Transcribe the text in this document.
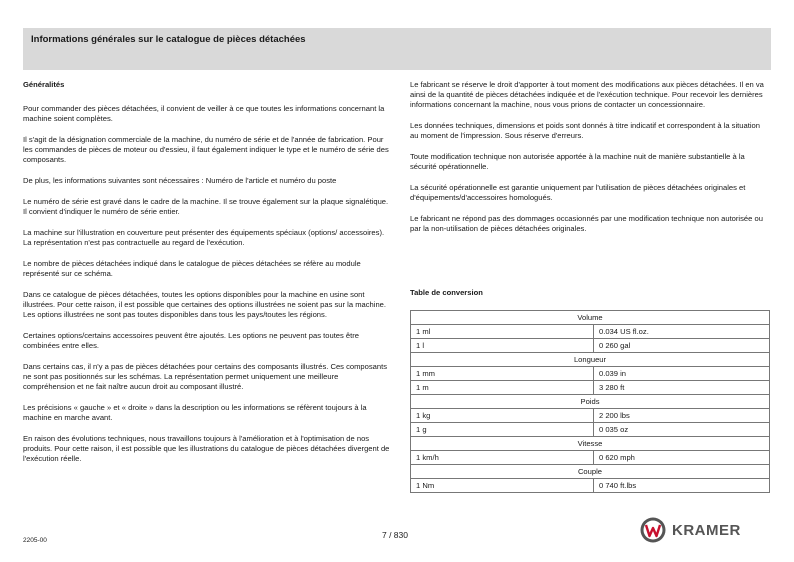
Informations générales sur le catalogue de pièces détachées
Généralités
Pour commander des pièces détachées, il convient de veiller à ce que toutes les informations concernant la machine soient complètes.
Il s'agit de la désignation commerciale de la machine, du numéro de série et de l'année de fabrication. Pour les commandes de pièces de moteur ou d'essieu, il faut également indiquer le type et le numéro de série des composants.
De plus, les informations suivantes sont nécessaires : Numéro de l'article et numéro du poste
Le numéro de série est gravé dans le cadre de la machine. Il se trouve également sur la plaque signalétique. Il convient d'indiquer le numéro de série entier.
La machine sur l'illustration en couverture peut présenter des équipements spéciaux (options/ accessoires). La représentation n'est pas contractuelle au regard de l'exécution.
Le nombre de pièces détachées indiqué dans le catalogue de pièces détachées se réfère au module représenté sur ce schéma.
Dans ce catalogue de pièces détachées, toutes les options disponibles pour la machine en usine sont illustrées. Pour cette raison, il est possible que certaines des options illustrées ne soient pas sur la machine. Les options illustrées ne sont pas toutes disponibles dans tous les pays/toutes les régions.
Certaines options/certains accessoires peuvent être ajoutés. Les options ne peuvent pas toutes être combinées entre elles.
Dans certains cas, il n'y a pas de pièces détachées pour certains des composants illustrés. Ces composants ne sont pas positionnés sur les schémas. La représentation permet uniquement une meilleure compréhension et ne fait naître aucun droit au composant illustré.
Les précisions « gauche » et « droite » dans la description ou les informations se réfèrent toujours à la machine en marche avant.
En raison des évolutions techniques, nous travaillons toujours à l'amélioration et à l'optimisation de nos produits. Pour cette raison, il est possible que les illustrations du catalogue de pièces détachées divergent de l'exécution réelle.
Le fabricant se réserve le droit d'apporter à tout moment des modifications aux pièces détachées. Il en va ainsi de la quantité de pièces détachées indiquée et de l'exécution technique. Pour recevoir les dernières informations concernant la machine, nous vous prions de contacter un concessionnaire.
Les données techniques, dimensions et poids sont donnés à titre indicatif et correspondent à la situation au moment de l'impression. Sous réserve d'erreurs.
Toute modification technique non autorisée apportée à la machine nuit de manière substantielle à la sécurité opérationnelle.
La sécurité opérationnelle est garantie uniquement par l'utilisation de pièces détachées originales et d'équipements/d'accessoires homologués.
Le fabricant ne répond pas des dommages occasionnés par une modification technique non autorisée ou par la non-utilisation de pièces détachées originales.
Table de conversion
Volume	
1 ml	0.034 US fl.oz.
1 l	0 260 gal
Longueur	
1 mm	0.039 in
1 m	3 280 ft
Poids	
1 kg	2 200 lbs
1 g	0 035 oz
Vitesse	
1 km/h	0 620 mph
Couple	
1 Nm	0 740 ft.lbs
2205-00
7 / 830	KRAMER
